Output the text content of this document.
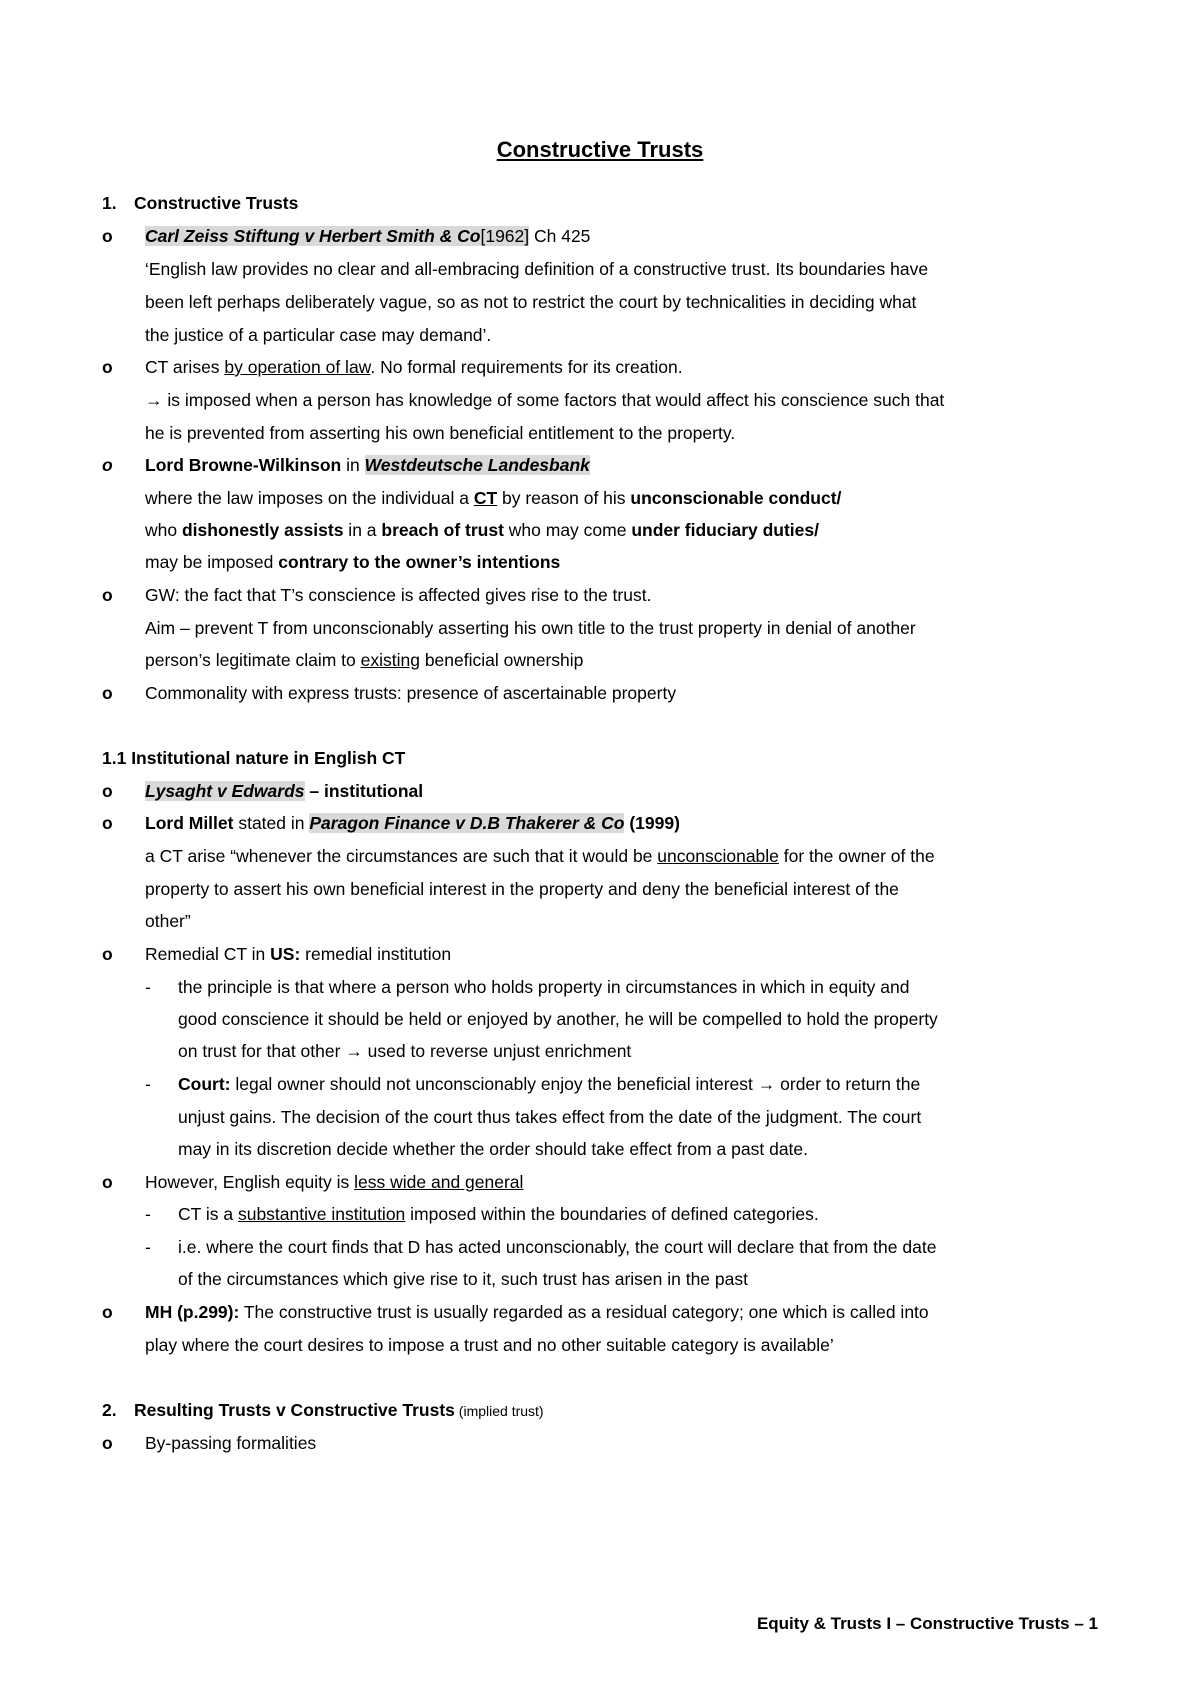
Constructive Trusts
1. Constructive Trusts
o Carl Zeiss Stiftung v Herbert Smith & Co[1962] Ch 425
‘English law provides no clear and all-embracing definition of a constructive trust. Its boundaries have
been left perhaps deliberately vague, so as not to restrict the court by technicalities in deciding what
the justice of a particular case may demand’.
o CT arises by operation of law. No formal requirements for its creation.
→ is imposed when a person has knowledge of some factors that would affect his conscience such that
he is prevented from asserting his own beneficial entitlement to the property.
o Lord Browne-Wilkinson in Westdeutsche Landesbank
where the law imposes on the individual a CT by reason of his unconscionable conduct/
who dishonestly assists in a breach of trust who may come under fiduciary duties/
may be imposed contrary to the owner’s intentions
o GW: the fact that T’s conscience is affected gives rise to the trust.
Aim – prevent T from unconscionably asserting his own title to the trust property in denial of another
person’s legitimate claim to existing beneficial ownership
o Commonality with express trusts: presence of ascertainable property
1.1 Institutional nature in English CT
o Lysaght v Edwards – institutional
o Lord Millet stated in Paragon Finance v D.B Thakerer & Co (1999)
a CT arise “whenever the circumstances are such that it would be unconscionable for the owner of the
property to assert his own beneficial interest in the property and deny the beneficial interest of the
other”
o Remedial CT in US: remedial institution
- the principle is that where a person who holds property in circumstances in which in equity and
good conscience it should be held or enjoyed by another, he will be compelled to hold the property
on trust for that other → used to reverse unjust enrichment
- Court: legal owner should not unconscionably enjoy the beneficial interest → order to return the
unjust gains. The decision of the court thus takes effect from the date of the judgment. The court
may in its discretion decide whether the order should take effect from a past date.
o However, English equity is less wide and general
- CT is a substantive institution imposed within the boundaries of defined categories.
- i.e. where the court finds that D has acted unconscionably, the court will declare that from the date
of the circumstances which give rise to it, such trust has arisen in the past
o MH (p.299): The constructive trust is usually regarded as a residual category; one which is called into
play where the court desires to impose a trust and no other suitable category is available’
2. Resulting Trusts v Constructive Trusts (implied trust)
o By-passing formalities
Equity & Trusts I – Constructive Trusts – 1
